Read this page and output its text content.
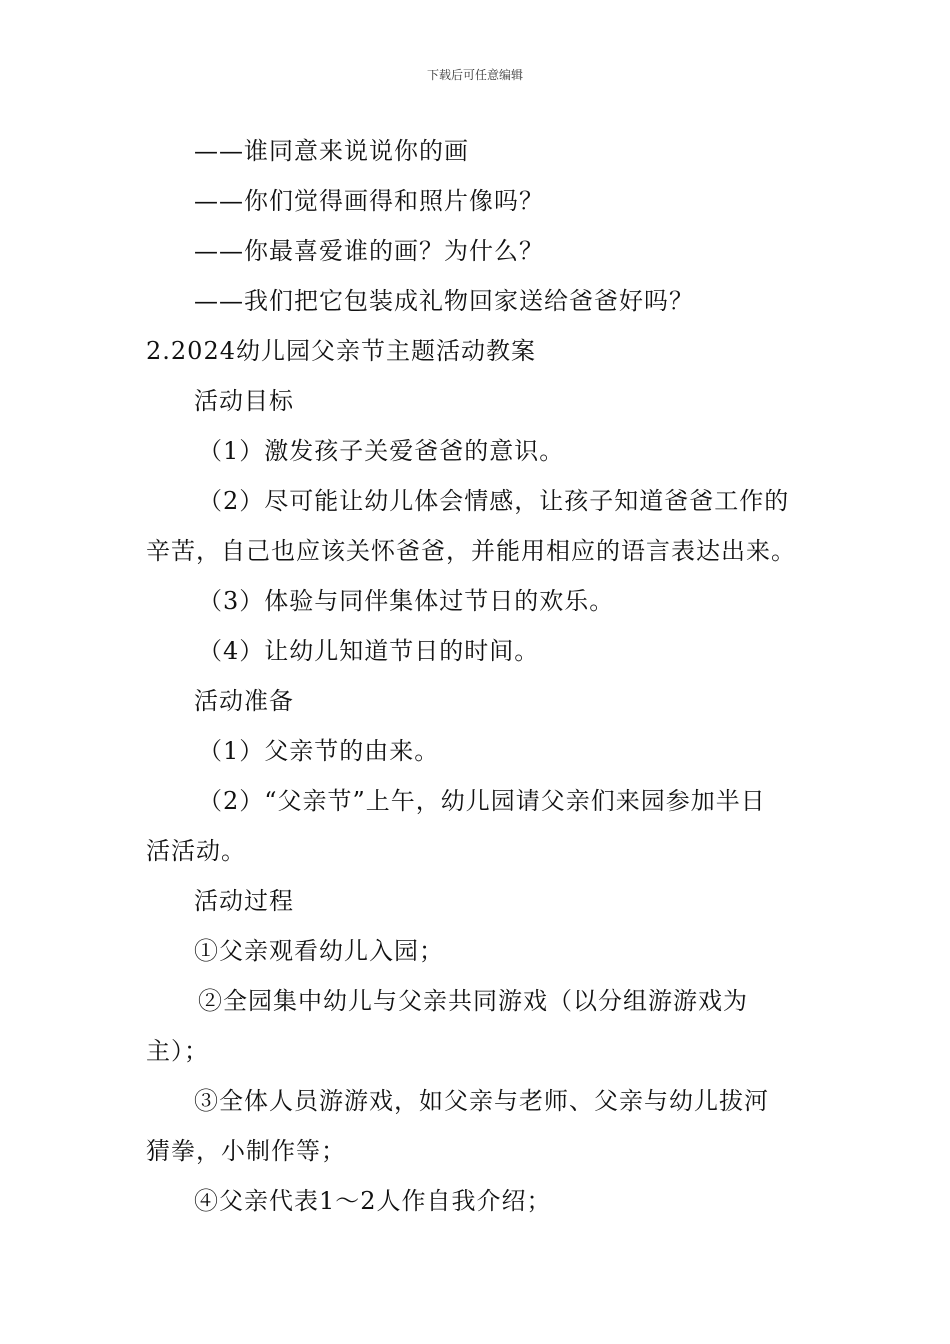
下载后可任意编辑
——谁同意来说说你的画
——你们觉得画得和照片像吗？
——你最喜爱谁的画？为什么？
——我们把它包装成礼物回家送给爸爸好吗？
2.2024幼儿园父亲节主题活动教案
活动目标
（1）激发孩子关爱爸爸的意识。
（2）尽可能让幼儿体会情感，让孩子知道爸爸工作的
辛苦，自己也应该关怀爸爸，并能用相应的语言表达出来。
（3）体验与同伴集体过节日的欢乐。
（4）让幼儿知道节日的时间。
活动准备
（1）父亲节的由来。
（2）“父亲节”上午，幼儿园请父亲们来园参加半日
活活动。
活动过程
①父亲观看幼儿入园；
②全园集中幼儿与父亲共同游戏（以分组游游戏为
主）；
③全体人员游游戏，如父亲与老师、父亲与幼儿拔河
猜拳，小制作等；
④父亲代表1～2人作自我介绍；
